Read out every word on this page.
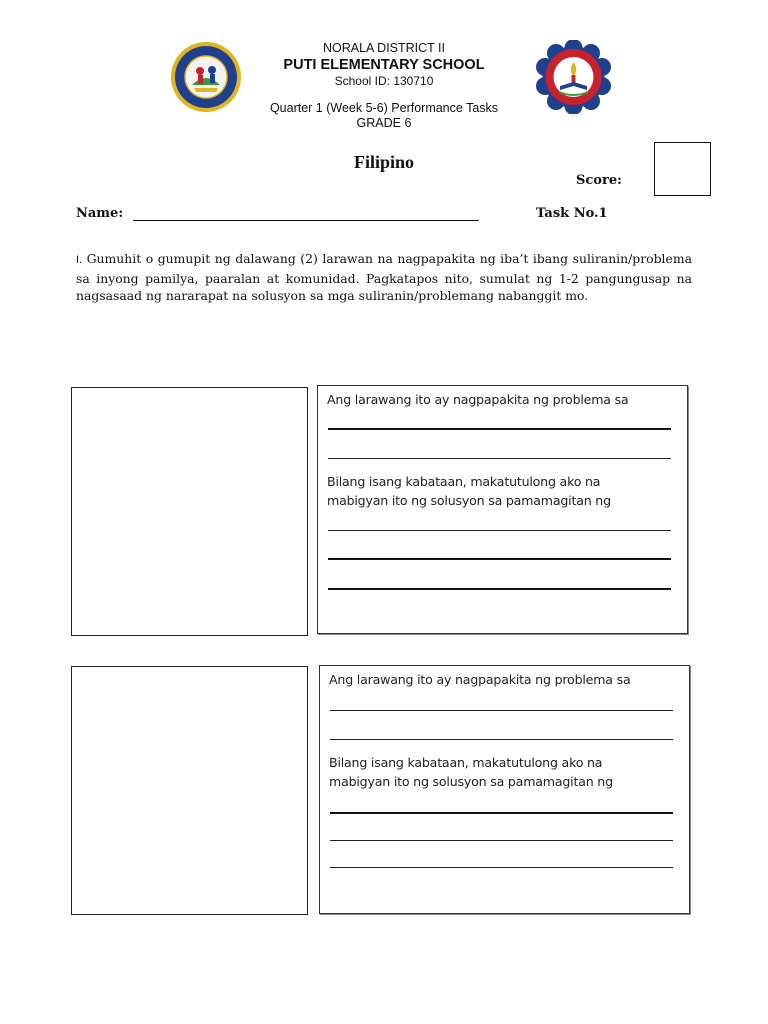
NORALA DISTRICT II
PUTI ELEMENTARY SCHOOL
School ID: 130710
Quarter 1 (Week 5-6) Performance Tasks
GRADE 6
Filipino
Score:
Name:	Task No.1
I. Gumuhit o gumupit ng dalawang (2) larawan na nagpapakita ng iba’t ibang suliranin/problema sa inyong pamilya, paaralan at komunidad. Pagkatapos nito, sumulat ng 1-2 pangungusap na nagsasaad ng nararapat na solusyon sa mga suliranin/problemang nabanggit mo.
Ang larawang ito ay nagpapakita ng problema sa
Bilang isang kabataan, makatutulong ako na
mabigyan ito ng solusyon sa pamamagitan ng
Ang larawang ito ay nagpapakita ng problema sa
Bilang isang kabataan, makatutulong ako na
mabigyan ito ng solusyon sa pamamagitan ng
